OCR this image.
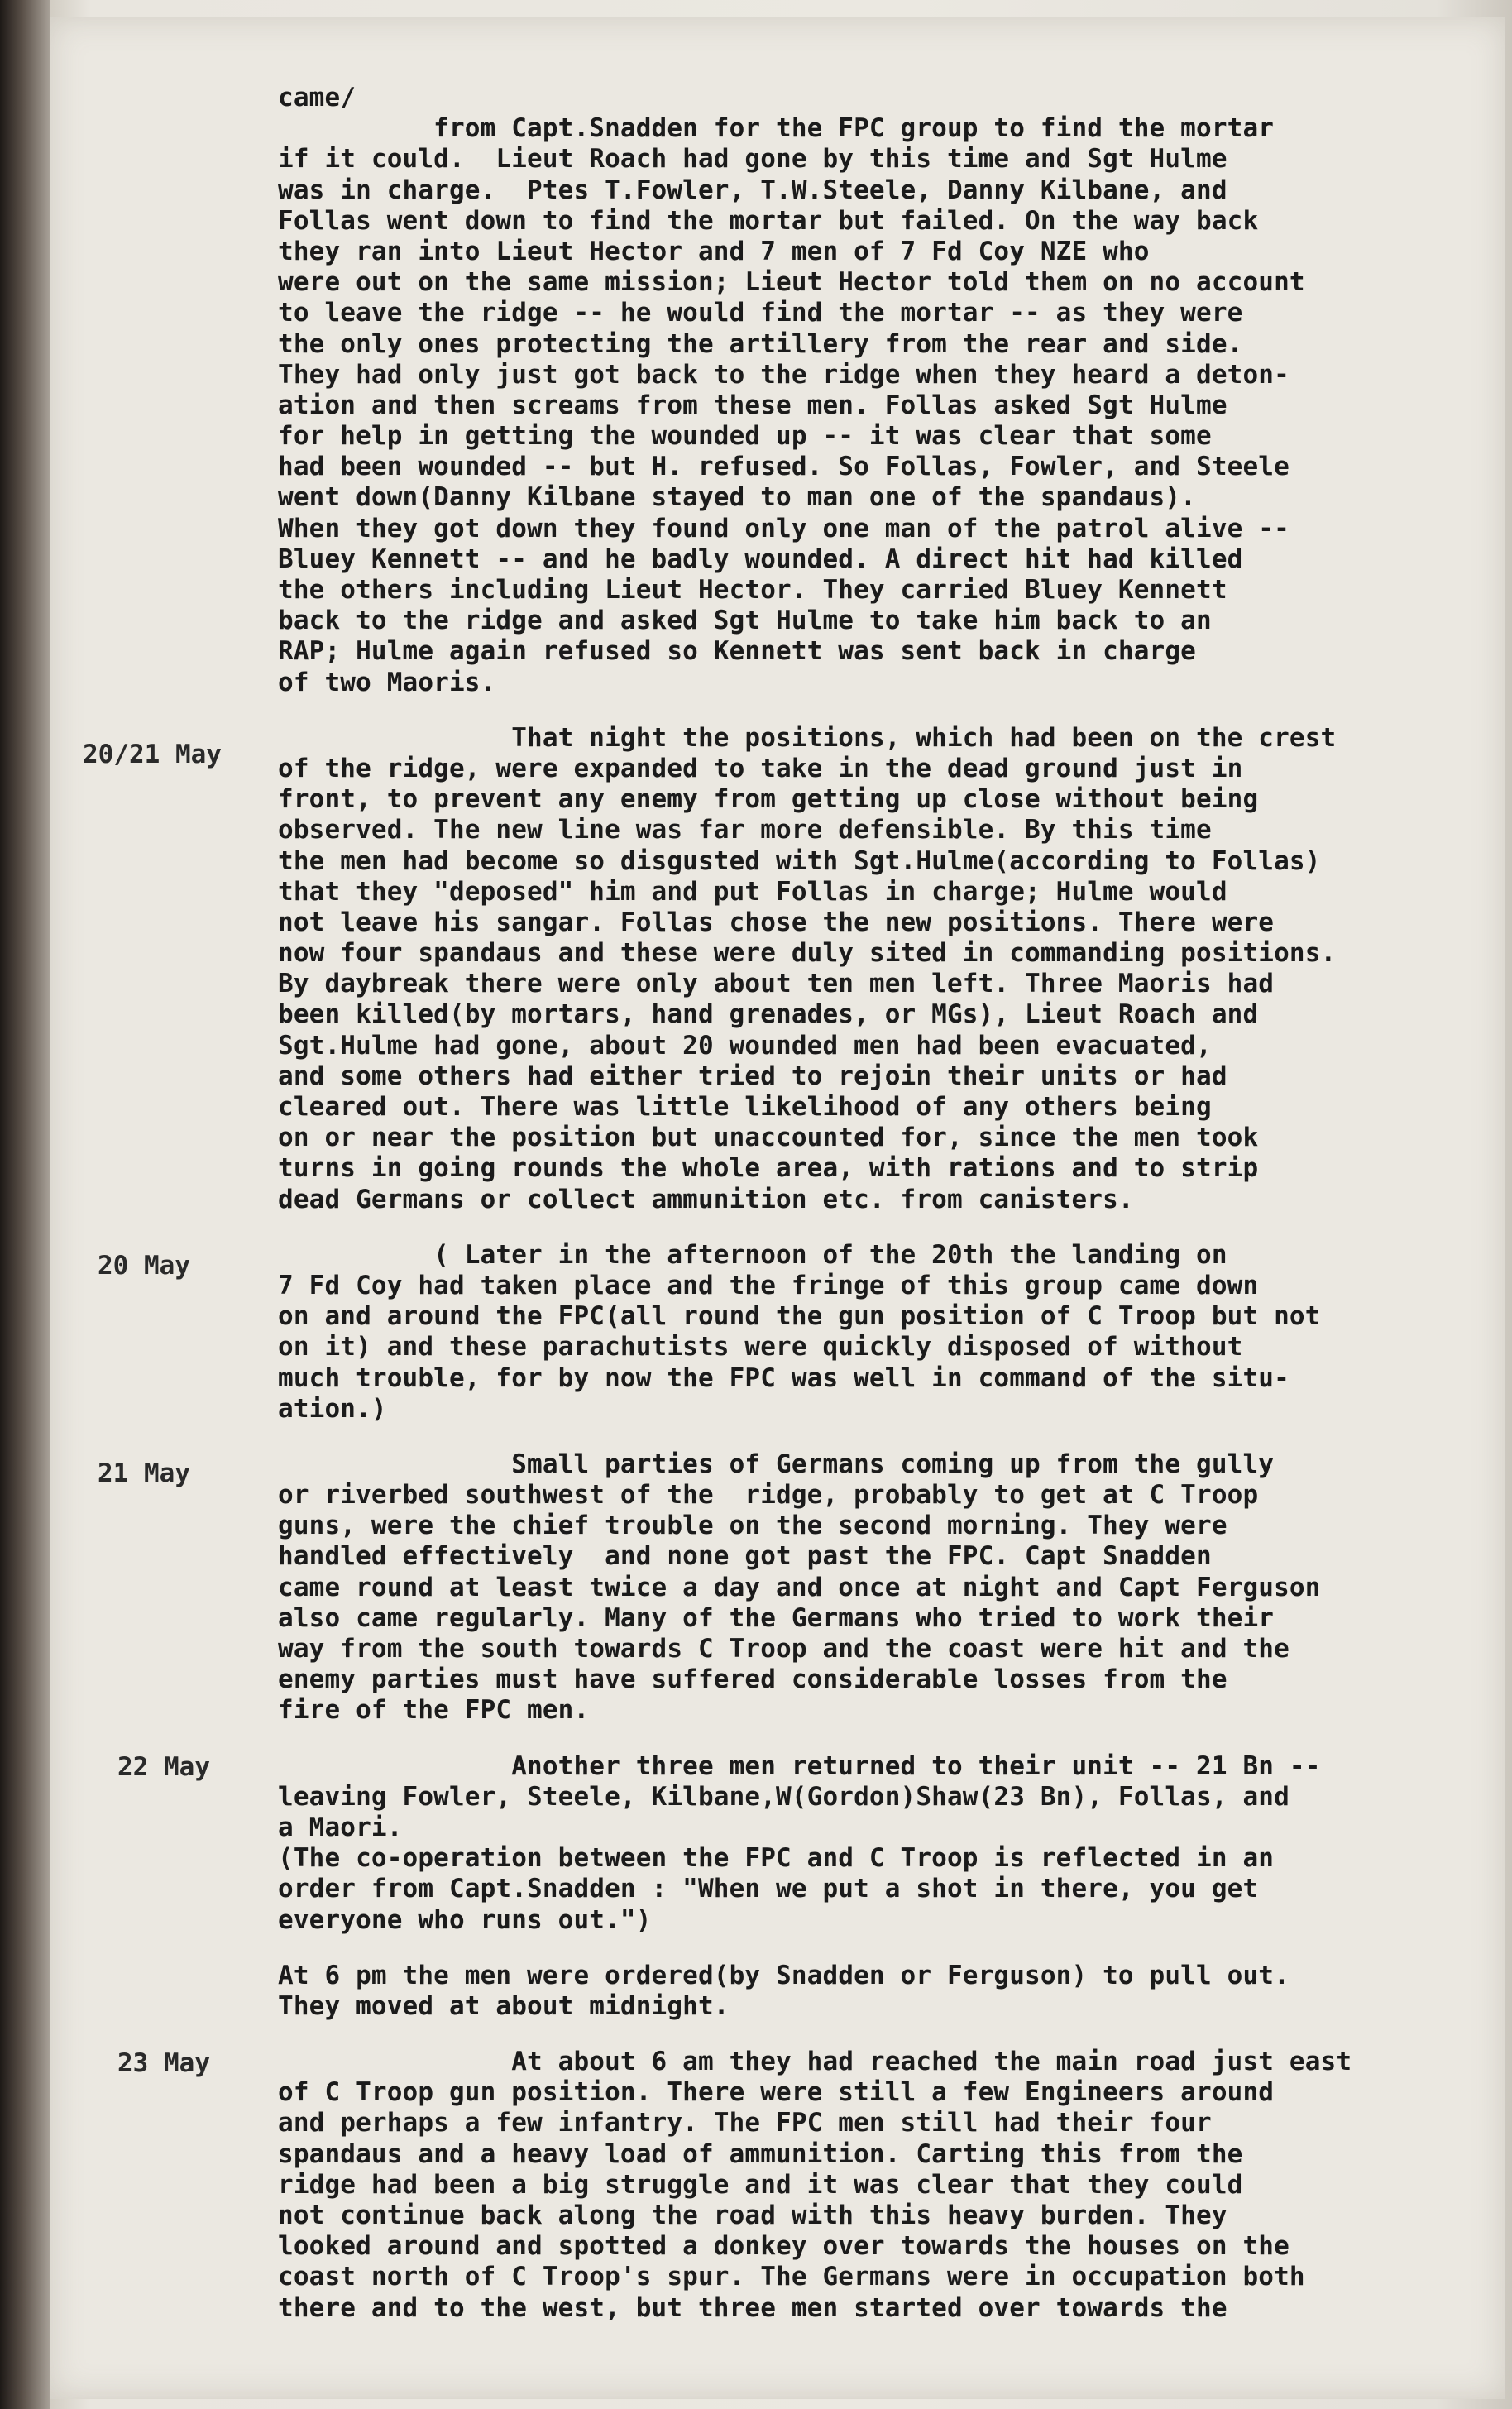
20/21 May
20 May
21 May
22 May
23 May
came/
from Capt.Snadden for the FPC group to find the mortar
if it could.  Lieut Roach had gone by this time and Sgt Hulme
was in charge.  Ptes T.Fowler, T.W.Steele, Danny Kilbane, and
Follas went down to find the mortar but failed. On the way back
they ran into Lieut Hector and 7 men of 7 Fd Coy NZE who
were out on the same mission; Lieut Hector told them on no account
to leave the ridge -- he would find the mortar -- as they were
the only ones protecting the artillery from the rear and side.
They had only just got back to the ridge when they heard a deton-
ation and then screams from these men. Follas asked Sgt Hulme
for help in getting the wounded up -- it was clear that some
had been wounded -- but H. refused. So Follas, Fowler, and Steele
went down(Danny Kilbane stayed to man one of the spandaus).
When they got down they found only one man of the patrol alive --
Bluey Kennett -- and he badly wounded. A direct hit had killed
the others including Lieut Hector. They carried Bluey Kennett
back to the ridge and asked Sgt Hulme to take him back to an
RAP; Hulme again refused so Kennett was sent back in charge
of two Maoris.
That night the positions, which had been on the crest
of the ridge, were expanded to take in the dead ground just in
front, to prevent any enemy from getting up close without being
observed. The new line was far more defensible. By this time
the men had become so disgusted with Sgt.Hulme(according to Follas)
that they "deposed" him and put Follas in charge; Hulme would
not leave his sangar. Follas chose the new positions. There were
now four spandaus and these were duly sited in commanding positions.
By daybreak there were only about ten men left. Three Maoris had
been killed(by mortars, hand grenades, or MGs), Lieut Roach and
Sgt.Hulme had gone, about 20 wounded men had been evacuated,
and some others had either tried to rejoin their units or had
cleared out. There was little likelihood of any others being
on or near the position but unaccounted for, since the men took
turns in going rounds the whole area, with rations and to strip
dead Germans or collect ammunition etc. from canisters.
( Later in the afternoon of the 20th the landing on
7 Fd Coy had taken place and the fringe of this group came down
on and around the FPC(all round the gun position of C Troop but not
on it) and these parachutists were quickly disposed of without
much trouble, for by now the FPC was well in command of the situ-
ation.)
Small parties of Germans coming up from the gully
or riverbed southwest of the  ridge, probably to get at C Troop
guns, were the chief trouble on the second morning. They were
handled effectively  and none got past the FPC. Capt Snadden
came round at least twice a day and once at night and Capt Ferguson
also came regularly. Many of the Germans who tried to work their
way from the south towards C Troop and the coast were hit and the
enemy parties must have suffered considerable losses from the
fire of the FPC men.
Another three men returned to their unit -- 21 Bn --
leaving Fowler, Steele, Kilbane,W(Gordon)Shaw(23 Bn), Follas, and
a Maori.
(The co-operation between the FPC and C Troop is reflected in an
order from Capt.Snadden : "When we put a shot in there, you get
everyone who runs out.")
At 6 pm the men were ordered(by Snadden or Ferguson) to pull out.
They moved at about midnight.
At about 6 am they had reached the main road just east
of C Troop gun position. There were still a few Engineers around
and perhaps a few infantry. The FPC men still had their four
spandaus and a heavy load of ammunition. Carting this from the
ridge had been a big struggle and it was clear that they could
not continue back along the road with this heavy burden. They
looked around and spotted a donkey over towards the houses on the
coast north of C Troop's spur. The Germans were in occupation both
there and to the west, but three men started over towards the
